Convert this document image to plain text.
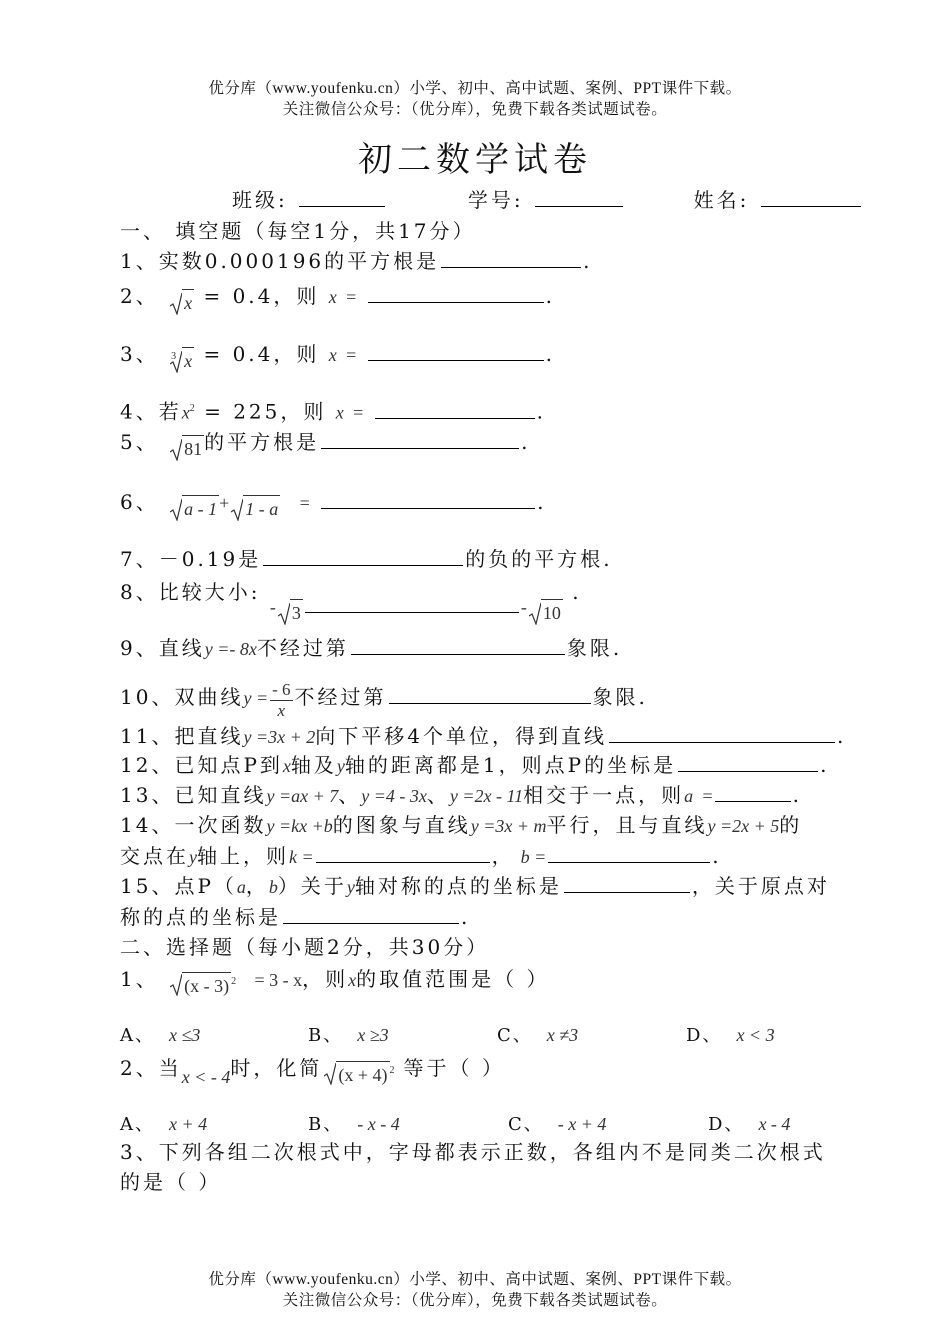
优分库（www.youfenku.cn）小学、初中、高中试题、案例、PPT课件下载。
关注微信公众号：（优分库），免费下载各类试题试卷。
初二数学试卷
班级:	学号:	姓名:
一、 填空题（每空1分，共17分）
1、实数0.000196的平方根是	.
2、 x = 0.4，则 x =	.
3、 3 x = 0.4，则 x =	.
4、若$x^2 = 225$，则 x =	.
5、 81 的平方根是	.
6、 a - 1 + 1 - a =	.
7、－0.19是	的负的平方根.
8、比较大小: - 3	- 10 .
9、直线y =- 8x不经过第	象限.
10、双曲线$y = \frac{- 6}{x}$ 不经过第	象限.
11、把直线y =3x + 2向下平移4个单位，得到直线	.
12、已知点P到x轴及y轴的距离都是1，则点P的坐标是	.
13、已知直线y =ax + 7、y =4 - 3x、y =2x - 11相交于一点，则a =	.
14、一次函数y =kx +b的图象与直线y =3x + m平行，且与直线y =2x + 5的
交点在y轴上，则k =	， b =	.
15、点P（a，b）关于y轴对称的点的坐标是	，关于原点对
称的点的坐标是	.
二、选择题（每小题2分，共30分）
1、 (x - 3) $^2$ = 3 - x，则x的取值范围是（ ）
A、 x ≤3	B、 x ≥3	C、 x ≠3	D、 x < 3
2、当x < - 4时，化简 (x + 4) $^2$ 等于（ ）
A、 x + 4	B、 - x - 4	C、 - x + 4	D、 x - 4
3、下列各组二次根式中，字母都表示正数，各组内不是同类二次根式
的是（ ）
优分库（www.youfenku.cn）小学、初中、高中试题、案例、PPT课件下载。
关注微信公众号：（优分库），免费下载各类试题试卷。
